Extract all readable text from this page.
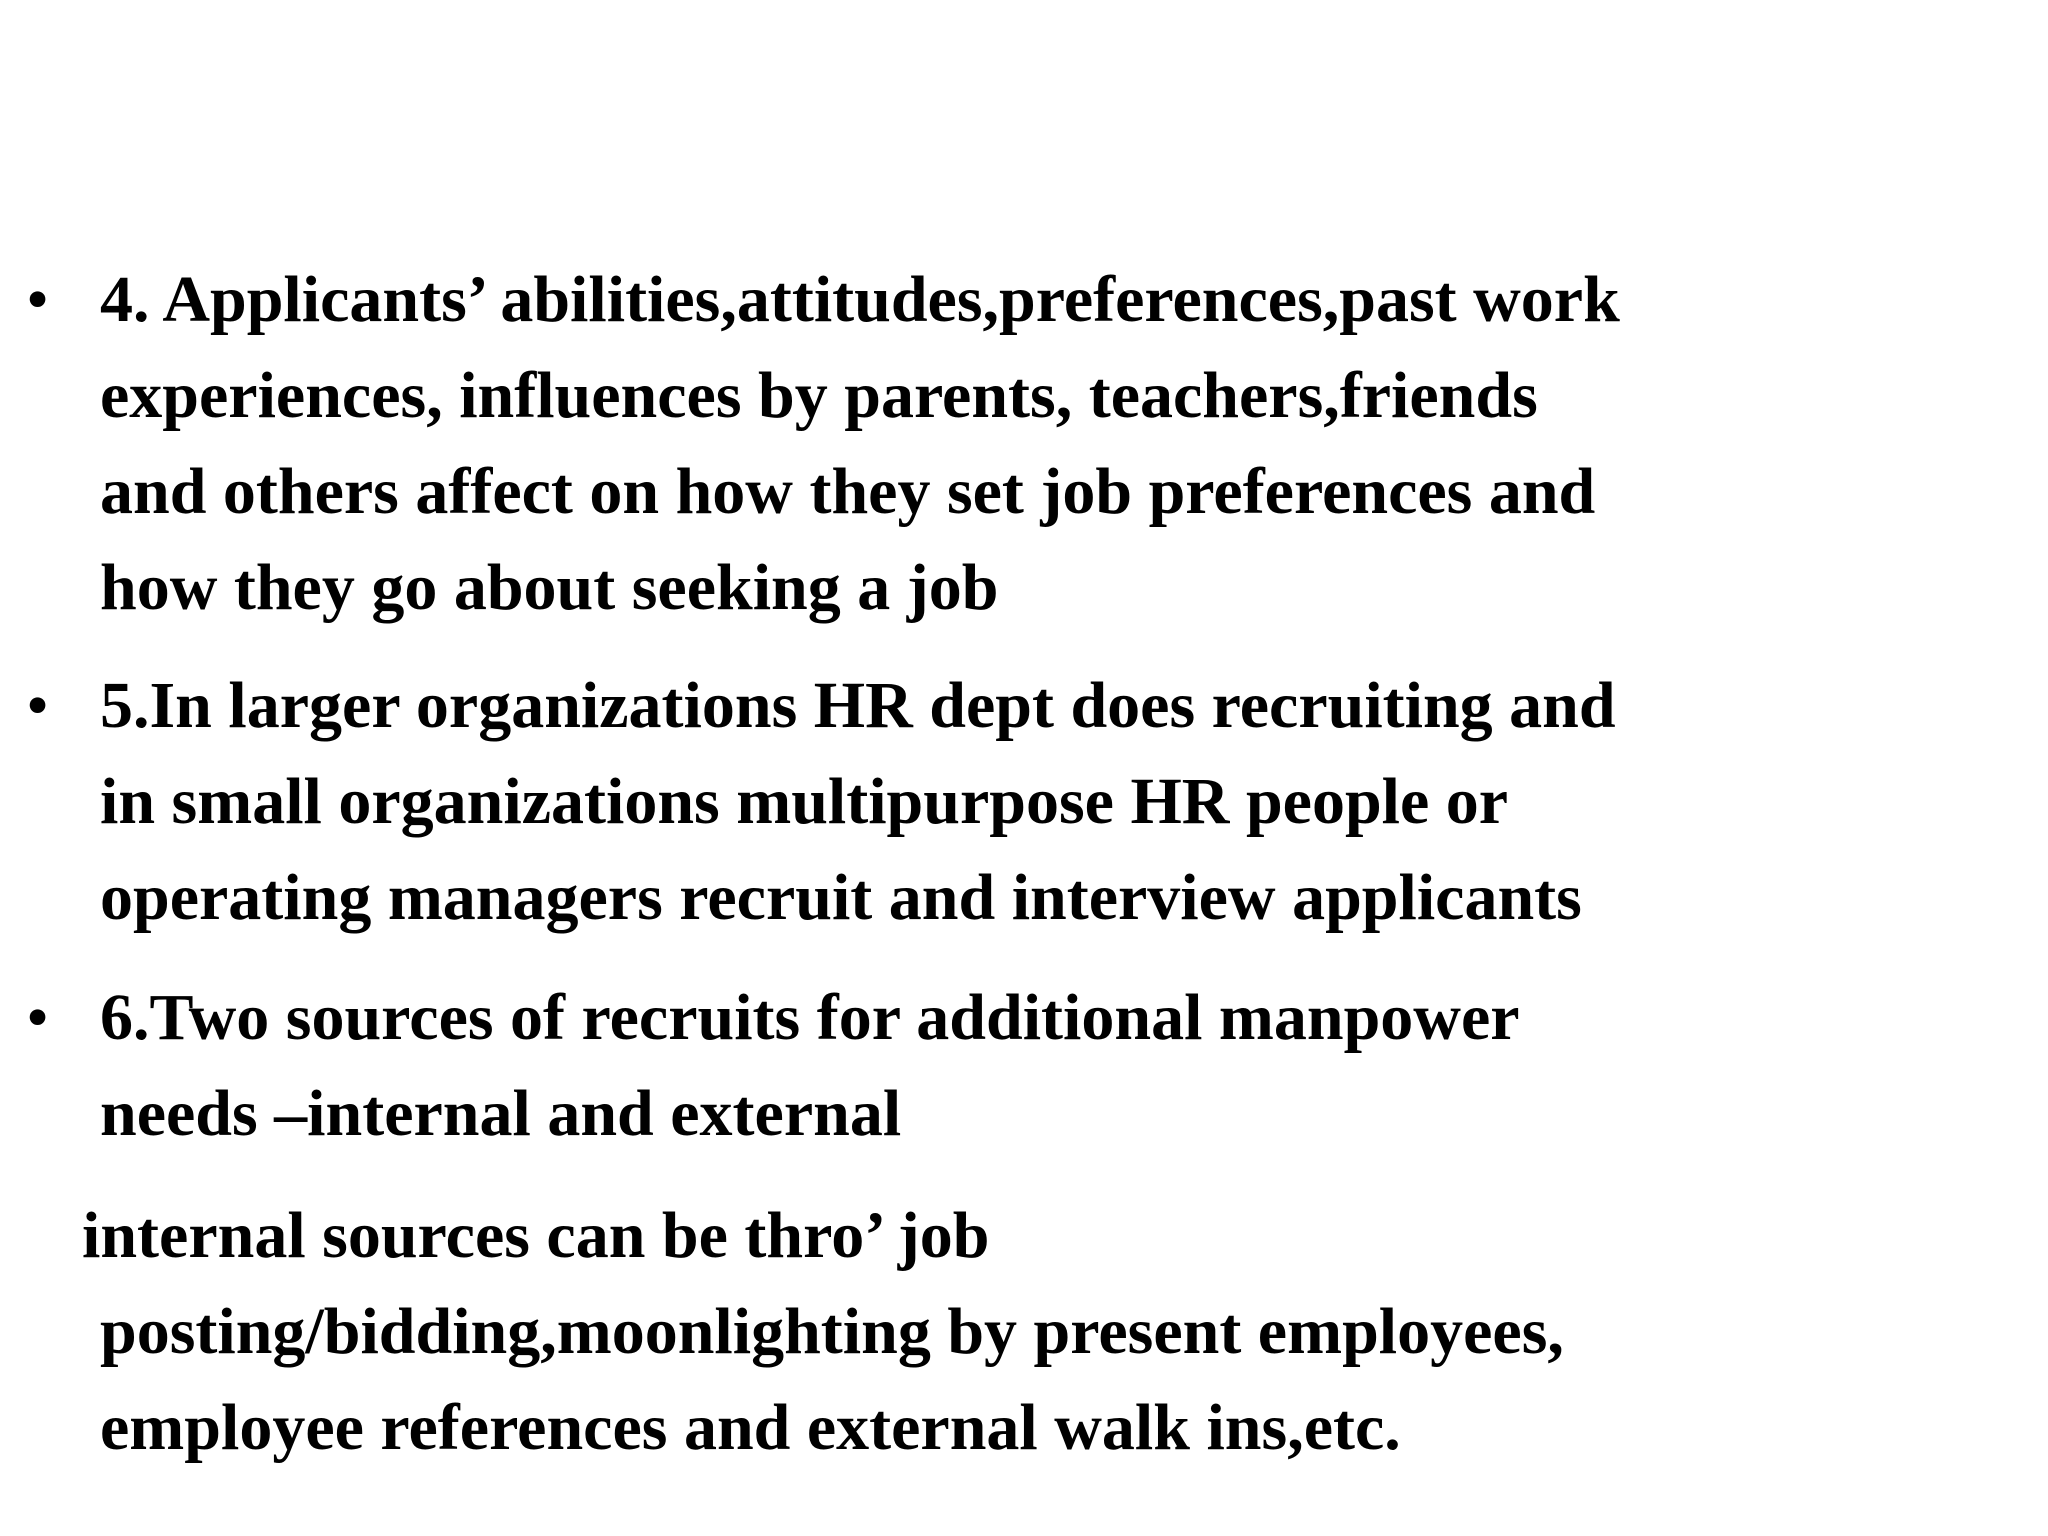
• 4. Applicants’ abilities,attitudes,preferences,past work
experiences, influences by parents, teachers,friends
and others affect on how they set job preferences and
how they go about seeking a job
• 5.In larger organizations HR dept does recruiting and
in small organizations multipurpose HR people or
operating managers recruit and interview applicants
• 6.Two sources of recruits for additional manpower
needs –internal and external
internal sources can be thro’ job
posting/bidding,moonlighting by present employees,
employee references and external walk ins,etc.
